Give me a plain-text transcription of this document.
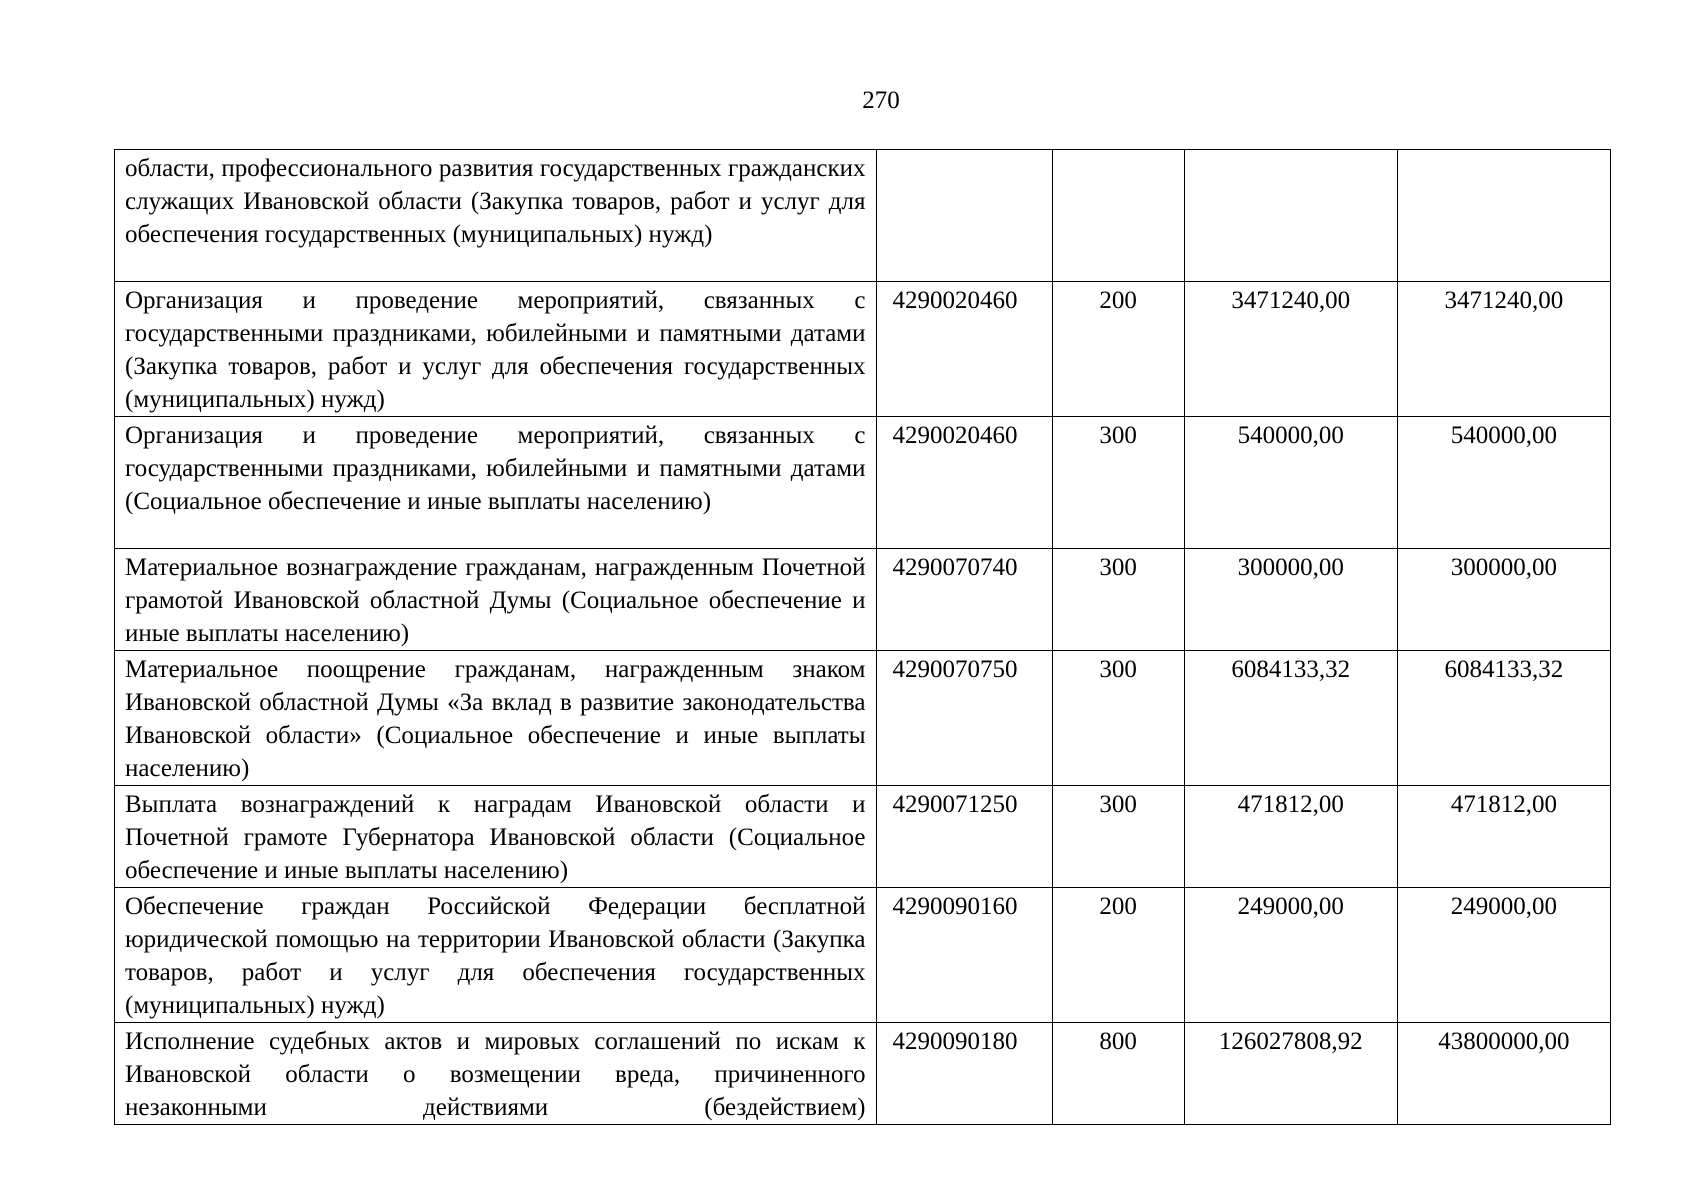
270
области, профессионального развития государственных гражданских служащих Ивановской области (Закупка товаров, работ и услуг для обеспечения государственных (муниципальных) нужд)				
Организация и проведение мероприятий, связанных с государственными праздниками, юбилейными и памятными датами (Закупка товаров, работ и услуг для обеспечения государственных (муниципальных) нужд)	4290020460	200	3471240,00	3471240,00
Организация и проведение мероприятий, связанных с государственными праздниками, юбилейными и памятными датами (Социальное обеспечение и иные выплаты населению)	4290020460	300	540000,00	540000,00
Материальное вознаграждение гражданам, награжденным Почетной грамотой Ивановской областной Думы (Социальное обеспечение и иные выплаты населению)	4290070740	300	300000,00	300000,00
Материальное поощрение гражданам, награжденным знаком Ивановской областной Думы «За вклад в развитие законодательства Ивановской области» (Социальное обеспечение и иные выплаты населению)	4290070750	300	6084133,32	6084133,32
Выплата вознаграждений к наградам Ивановской области и Почетной грамоте Губернатора Ивановской области (Социальное обеспечение и иные выплаты населению)	4290071250	300	471812,00	471812,00
Обеспечение граждан Российской Федерации бесплатной юридической помощью на территории Ивановской области (Закупка товаров, работ и услуг для обеспечения государственных (муниципальных) нужд)	4290090160	200	249000,00	249000,00
Исполнение судебных актов и мировых соглашений по искам к Ивановской области о возмещении вреда, причиненного незаконными действиями (бездействием)	4290090180	800	126027808,92	43800000,00
